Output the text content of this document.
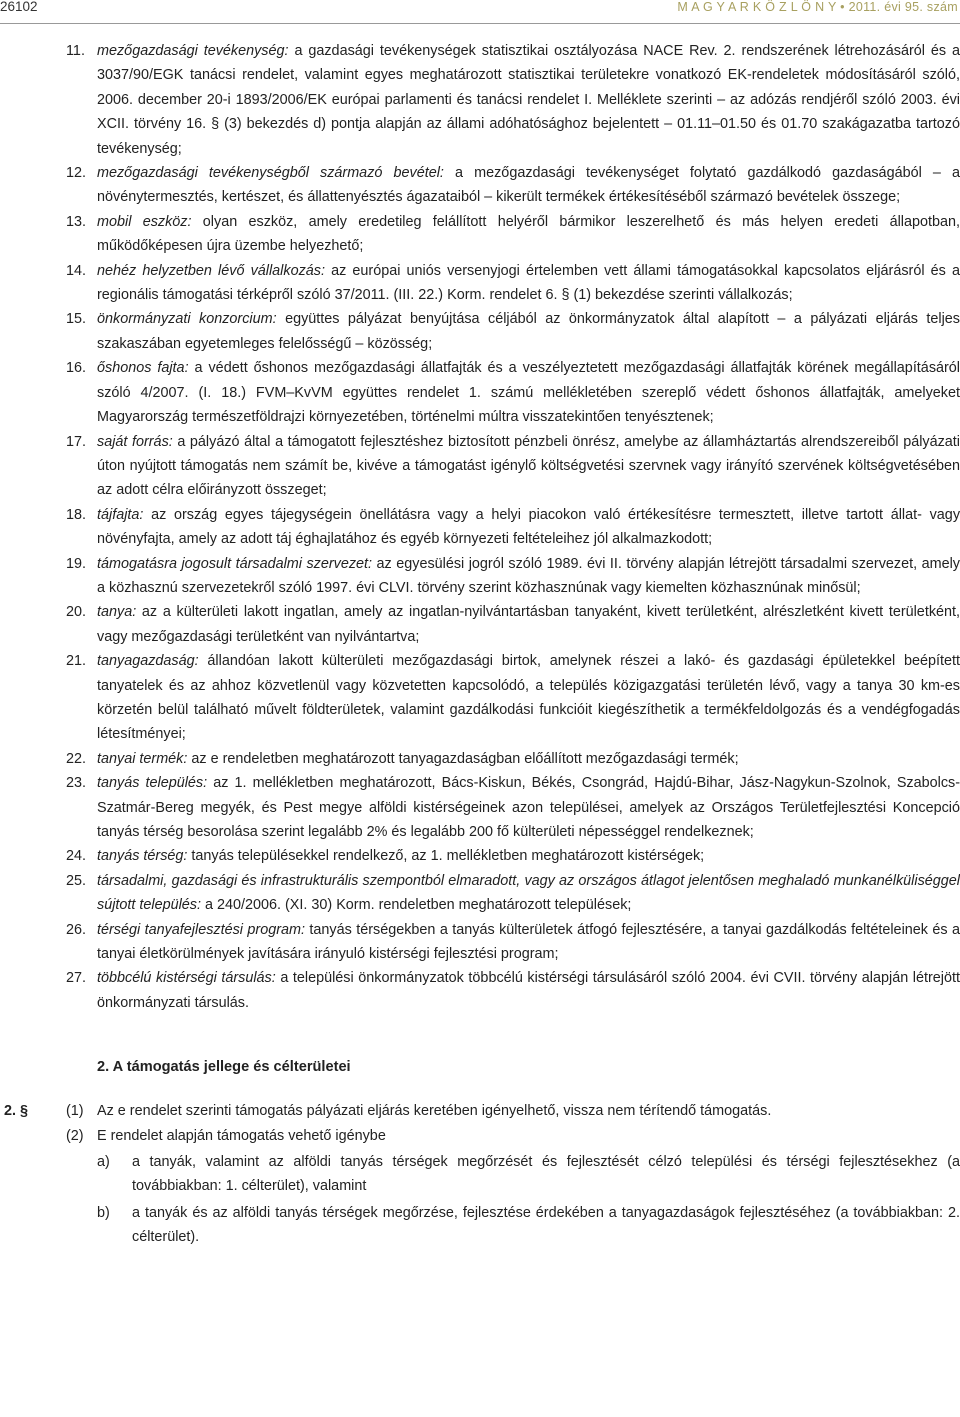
26102	M A G Y A R K Ö Z L Ö N Y • 2011. évi 95. szám
11. mezőgazdasági tevékenység: a gazdasági tevékenységek statisztikai osztályozása NACE Rev. 2. rendszerének létrehozásáról és a 3037/90/EGK tanácsi rendelet, valamint egyes meghatározott statisztikai területekre vonatkozó EK-rendeletek módosításáról szóló, 2006. december 20-i 1893/2006/EK európai parlamenti és tanácsi rendelet I. Melléklete szerinti – az adózás rendjéről szóló 2003. évi XCII. törvény 16. § (3) bekezdés d) pontja alapján az állami adóhatósághoz bejelentett – 01.11–01.50 és 01.70 szakágazatba tartozó tevékenység;
12. mezőgazdasági tevékenységből származó bevétel: a mezőgazdasági tevékenységet folytató gazdálkodó gazdaságából – a növénytermesztés, kertészet, és állattenyésztés ágazataiból – kikerült termékek értékesítéséből származó bevételek összege;
13. mobil eszköz: olyan eszköz, amely eredetileg felállított helyéről bármikor leszerelhető és más helyen eredeti állapotban, működőképesen újra üzembe helyezhető;
14. nehéz helyzetben lévő vállalkozás: az európai uniós versenyjogi értelemben vett állami támogatásokkal kapcsolatos eljárásról és a regionális támogatási térképről szóló 37/2011. (III. 22.) Korm. rendelet 6. § (1) bekezdése szerinti vállalkozás;
15. önkormányzati konzorcium: együttes pályázat benyújtása céljából az önkormányzatok által alapított – a pályázati eljárás teljes szakaszában egyetemleges felelősségű – közösség;
16. őshonos fajta: a védett őshonos mezőgazdasági állatfajták és a veszélyeztetett mezőgazdasági állatfajták körének megállapításáról szóló 4/2007. (I. 18.) FVM–KvVM együttes rendelet 1. számú mellékletében szereplő védett őshonos állatfajták, amelyeket Magyarország természetföldrajzi környezetében, történelmi múltra visszatekintően tenyésztenek;
17. saját forrás: a pályázó által a támogatott fejlesztéshez biztosított pénzbeli önrész, amelybe az államháztartás alrendszereiből pályázati úton nyújtott támogatás nem számít be, kivéve a támogatást igénylő költségvetési szervnek vagy irányító szervének költségvetésében az adott célra előirányzott összeget;
18. tájfajta: az ország egyes tájegységein önellátásra vagy a helyi piacokon való értékesítésre termesztett, illetve tartott állat- vagy növényfajta, amely az adott táj éghajlatához és egyéb környezeti feltételeihez jól alkalmazkodott;
19. támogatásra jogosult társadalmi szervezet: az egyesülési jogról szóló 1989. évi II. törvény alapján létrejött társadalmi szervezet, amely a közhasznú szervezetekről szóló 1997. évi CLVI. törvény szerint közhasznúnak vagy kiemelten közhasznúnak minősül;
20. tanya: az a külterületi lakott ingatlan, amely az ingatlan-nyilvántartásban tanyaként, kivett területként, alrészletként kivett területként, vagy mezőgazdasági területként van nyilvántartva;
21. tanyagazdaság: állandóan lakott külterületi mezőgazdasági birtok, amelynek részei a lakó- és gazdasági épületekkel beépített tanyatelek és az ahhoz közvetlenül vagy közvetetten kapcsolódó, a település közigazgatási területén lévő, vagy a tanya 30 km-es körzetén belül található művelt földterületek, valamint gazdálkodási funkcióit kiegészíthetik a termékfeldolgozás és a vendégfogadás létesítményei;
22. tanyai termék: az e rendeletben meghatározott tanyagazdaságban előállított mezőgazdasági termék;
23. tanyás település: az 1. mellékletben meghatározott, Bács-Kiskun, Békés, Csongrád, Hajdú-Bihar, Jász-Nagykun-Szolnok, Szabolcs-Szatmár-Bereg megyék, és Pest megye alföldi kistérségeinek azon települései, amelyek az Országos Területfejlesztési Koncepció tanyás térség besorolása szerint legalább 2% és legalább 200 fő külterületi népességgel rendelkeznek;
24. tanyás térség: tanyás településekkel rendelkező, az 1. mellékletben meghatározott kistérségek;
25. társadalmi, gazdasági és infrastrukturális szempontból elmaradott, vagy az országos átlagot jelentősen meghaladó munkanélküliséggel sújtott település: a 240/2006. (XI. 30) Korm. rendeletben meghatározott települések;
26. térségi tanyafejlesztési program: tanyás térségekben a tanyás külterületek átfogó fejlesztésére, a tanyai gazdálkodás feltételeinek és a tanyai életkörülmények javítására irányuló kistérségi fejlesztési program;
27. többcélú kistérségi társulás: a települési önkormányzatok többcélú kistérségi társulásáról szóló 2004. évi CVII. törvény alapján létrejött önkormányzati társulás.
2. A támogatás jellege és célterületei
2. §	(1) Az e rendelet szerinti támogatás pályázati eljárás keretében igényelhető, vissza nem térítendő támogatás.
(2) E rendelet alapján támogatás vehető igénybe
a) a tanyák, valamint az alföldi tanyás térségek megőrzését és fejlesztését célzó települési és térségi fejlesztésekhez (a továbbiakban: 1. célterület), valamint
b) a tanyák és az alföldi tanyás térségek megőrzése, fejlesztése érdekében a tanyagazdaságok fejlesztéséhez (a továbbiakban: 2. célterület).
